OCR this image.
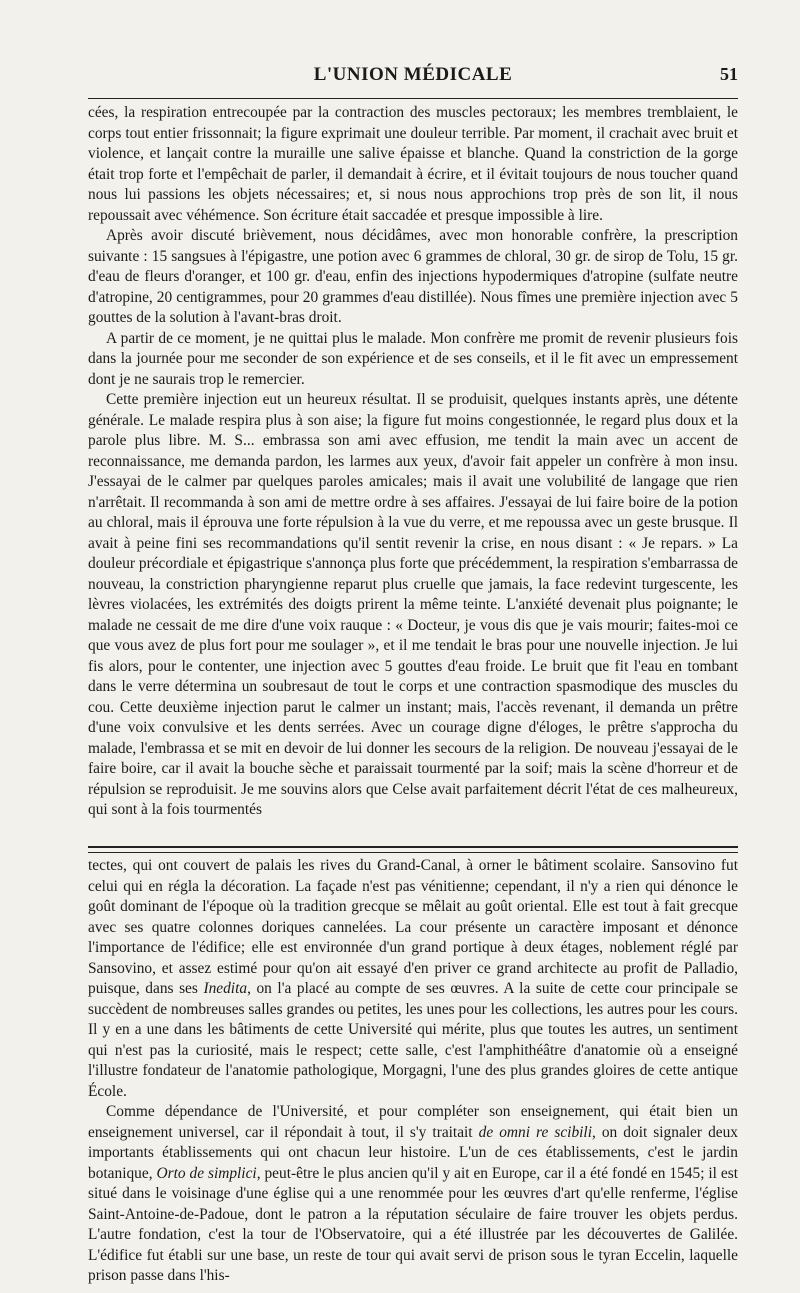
L'UNION MÉDICALE	51

cées, la respiration entrecoupée par la contraction des muscles pectoraux; les membres tremblaient, le corps tout entier frissonnait; la figure exprimait une douleur terrible. Par moment, il crachait avec bruit et violence, et lançait contre la muraille une salive épaisse et blanche. Quand la constriction de la gorge était trop forte et l'empêchait de parler, il demandait à écrire, et il évitait toujours de nous toucher quand nous lui passions les objets nécessaires; et, si nous nous approchions trop près de son lit, il nous repoussait avec véhémence. Son écriture était saccadée et presque impossible à lire.

Après avoir discuté brièvement, nous décidâmes, avec mon honorable confrère, la prescription suivante : 15 sangsues à l'épigastre, une potion avec 6 grammes de chloral, 30 gr. de sirop de Tolu, 15 gr. d'eau de fleurs d'oranger, et 100 gr. d'eau, enfin des injections hypodermiques d'atropine (sulfate neutre d'atropine, 20 centigrammes, pour 20 grammes d'eau distillée). Nous fîmes une première injection avec 5 gouttes de la solution à l'avant-bras droit.

A partir de ce moment, je ne quittai plus le malade. Mon confrère me promit de revenir plusieurs fois dans la journée pour me seconder de son expérience et de ses conseils, et il le fit avec un empressement dont je ne saurais trop le remercier.

Cette première injection eut un heureux résultat. Il se produisit, quelques instants après, une détente générale. Le malade respira plus à son aise; la figure fut moins congestionnée, le regard plus doux et la parole plus libre. M. S... embrassa son ami avec effusion, me tendit la main avec un accent de reconnaissance, me demanda pardon, les larmes aux yeux, d'avoir fait appeler un confrère à mon insu. J'essayai de le calmer par quelques paroles amicales; mais il avait une volubilité de langage que rien n'arrêtait. Il recommanda à son ami de mettre ordre à ses affaires. J'essayai de lui faire boire de la potion au chloral, mais il éprouva une forte répulsion à la vue du verre, et me repoussa avec un geste brusque. Il avait à peine fini ses recommandations qu'il sentit revenir la crise, en nous disant : « Je repars. » La douleur précordiale et épigastrique s'annonça plus forte que précédemment, la respiration s'embarrassa de nouveau, la constriction pharyngienne reparut plus cruelle que jamais, la face redevint turgescente, les lèvres violacées, les extrémités des doigts prirent la même teinte. L'anxiété devenait plus poignante; le malade ne cessait de me dire d'une voix rauque : « Docteur, je vous dis que je vais mourir; faites-moi ce que vous avez de plus fort pour me soulager », et il me tendait le bras pour une nouvelle injection. Je lui fis alors, pour le contenter, une injection avec 5 gouttes d'eau froide. Le bruit que fit l'eau en tombant dans le verre détermina un soubresaut de tout le corps et une contraction spasmodique des muscles du cou. Cette deuxième injection parut le calmer un instant; mais, l'accès revenant, il demanda un prêtre d'une voix convulsive et les dents serrées. Avec un courage digne d'éloges, le prêtre s'approcha du malade, l'embrassa et se mit en devoir de lui donner les secours de la religion. De nouveau j'essayai de le faire boire, car il avait la bouche sèche et paraissait tourmenté par la soif; mais la scène d'horreur et de répulsion se reproduisit. Je me souvins alors que Celse avait parfaitement décrit l'état de ces malheureux, qui sont à la fois tourmentés

tectes, qui ont couvert de palais les rives du Grand-Canal, à orner le bâtiment scolaire. Sansovino fut celui qui en régla la décoration. La façade n'est pas vénitienne; cependant, il n'y a rien qui dénonce le goût dominant de l'époque où la tradition grecque se mêlait au goût oriental. Elle est tout à fait grecque avec ses quatre colonnes doriques cannelées. La cour présente un caractère imposant et dénonce l'importance de l'édifice; elle est environnée d'un grand portique à deux étages, noblement réglé par Sansovino, et assez estimé pour qu'on ait essayé d'en priver ce grand architecte au profit de Palladio, puisque, dans ses Inedita, on l'a placé au compte de ses œuvres. A la suite de cette cour principale se succèdent de nombreuses salles grandes ou petites, les unes pour les collections, les autres pour les cours. Il y en a une dans les bâtiments de cette Université qui mérite, plus que toutes les autres, un sentiment qui n'est pas la curiosité, mais le respect; cette salle, c'est l'amphithéâtre d'anatomie où a enseigné l'illustre fondateur de l'anatomie pathologique, Morgagni, l'une des plus grandes gloires de cette antique École.

Comme dépendance de l'Université, et pour compléter son enseignement, qui était bien un enseignement universel, car il répondait à tout, il s'y traitait de omni re scibili, on doit signaler deux importants établissements qui ont chacun leur histoire. L'un de ces établissements, c'est le jardin botanique, Orto de simplici, peut-être le plus ancien qu'il y ait en Europe, car il a été fondé en 1545; il est situé dans le voisinage d'une église qui a une renommée pour les œuvres d'art qu'elle renferme, l'église Saint-Antoine-de-Padoue, dont le patron a la réputation séculaire de faire trouver les objets perdus. L'autre fondation, c'est la tour de l'Observatoire, qui a été illustrée par les découvertes de Galilée. L'édifice fut établi sur une base, un reste de tour qui avait servi de prison sous le tyran Eccelin, laquelle prison passe dans l'his-
